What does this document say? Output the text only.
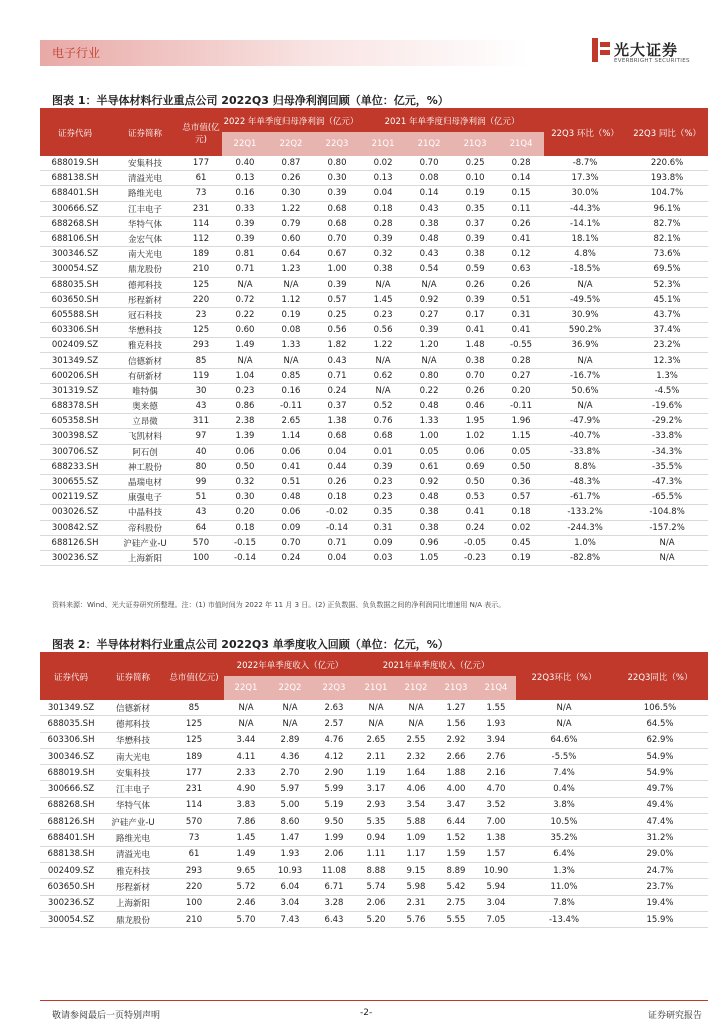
电子行业	光大证券
EVERBRIGHT SECURITIES
图表 1：半导体材料行业重点公司 2022Q3 归母净利润回顾（单位：亿元，%）
证券代码	证券简称	总市值(亿元)	2022 年单季度归母净利润（亿元）			2021 年单季度归母净利润（亿元）				22Q3 环比（%）	22Q3 同比（%）
			22Q1	22Q2	22Q3	21Q1	21Q2	21Q3	21Q4		
688019.SH	安集科技	177	0.40	0.87	0.80	0.02	0.70	0.25	0.28	-8.7%	220.6%
688138.SH	清溢光电	61	0.13	0.26	0.30	0.13	0.08	0.10	0.14	17.3%	193.8%
688401.SH	路维光电	73	0.16	0.30	0.39	0.04	0.14	0.19	0.15	30.0%	104.7%
300666.SZ	江丰电子	231	0.33	1.22	0.68	0.18	0.43	0.35	0.11	-44.3%	96.1%
688268.SH	华特气体	114	0.39	0.79	0.68	0.28	0.38	0.37	0.26	-14.1%	82.7%
688106.SH	金宏气体	112	0.39	0.60	0.70	0.39	0.48	0.39	0.41	18.1%	82.1%
300346.SZ	南大光电	189	0.81	0.64	0.67	0.32	0.43	0.38	0.12	4.8%	73.6%
300054.SZ	鼎龙股份	210	0.71	1.23	1.00	0.38	0.54	0.59	0.63	-18.5%	69.5%
688035.SH	德邦科技	125	N/A	N/A	0.39	N/A	N/A	0.26	0.26	N/A	52.3%
603650.SH	彤程新材	220	0.72	1.12	0.57	1.45	0.92	0.39	0.51	-49.5%	45.1%
605588.SH	冠石科技	23	0.22	0.19	0.25	0.23	0.27	0.17	0.31	30.9%	43.7%
603306.SH	华懋科技	125	0.60	0.08	0.56	0.56	0.39	0.41	0.41	590.2%	37.4%
002409.SZ	雅克科技	293	1.49	1.33	1.82	1.22	1.20	1.48	-0.55	36.9%	23.2%
301349.SZ	信德新材	85	N/A	N/A	0.43	N/A	N/A	0.38	0.28	N/A	12.3%
600206.SH	有研新材	119	1.04	0.85	0.71	0.62	0.80	0.70	0.27	-16.7%	1.3%
301319.SZ	唯特偶	30	0.23	0.16	0.24	N/A	0.22	0.26	0.20	50.6%	-4.5%
688378.SH	奥来德	43	0.86	-0.11	0.37	0.52	0.48	0.46	-0.11	N/A	-19.6%
605358.SH	立昂微	311	2.38	2.65	1.38	0.76	1.33	1.95	1.96	-47.9%	-29.2%
300398.SZ	飞凯材料	97	1.39	1.14	0.68	0.68	1.00	1.02	1.15	-40.7%	-33.8%
300706.SZ	阿石创	40	0.06	0.06	0.04	0.01	0.05	0.06	0.05	-33.8%	-34.3%
688233.SH	神工股份	80	0.50	0.41	0.44	0.39	0.61	0.69	0.50	8.8%	-35.5%
300655.SZ	晶瑞电材	99	0.32	0.51	0.26	0.23	0.92	0.50	0.36	-48.3%	-47.3%
002119.SZ	康强电子	51	0.30	0.48	0.18	0.23	0.48	0.53	0.57	-61.7%	-65.5%
003026.SZ	中晶科技	43	0.20	0.06	-0.02	0.35	0.38	0.41	0.18	-133.2%	-104.8%
300842.SZ	帝科股份	64	0.18	0.09	-0.14	0.31	0.38	0.24	0.02	-244.3%	-157.2%
688126.SH	沪硅产业-U	570	-0.15	0.70	0.71	0.09	0.96	-0.05	0.45	1.0%	N/A
300236.SZ	上海新阳	100	-0.14	0.24	0.04	0.03	1.05	-0.23	0.19	-82.8%	N/A
资料来源：Wind、光大证券研究所整理。注：(1) 市值时间为 2022 年 11 月 3 日。(2) 正负数据、负负数据之间的净利润同比增速用 N/A 表示。
图表 2：半导体材料行业重点公司 2022Q3 单季度收入回顾（单位：亿元，%）
证券代码	证券简称	总市值(亿元)	2022年单季度收入（亿元）			2021年单季度收入（亿元）				22Q3环比（%）	22Q3同比（%）
			22Q1	22Q2	22Q3	21Q1	21Q2	21Q3	21Q4		
301349.SZ	信德新材	85	N/A	N/A	2.63	N/A	N/A	1.27	1.55	N/A	106.5%
688035.SH	德邦科技	125	N/A	N/A	2.57	N/A	N/A	1.56	1.93	N/A	64.5%
603306.SH	华懋科技	125	3.44	2.89	4.76	2.65	2.55	2.92	3.94	64.6%	62.9%
300346.SZ	南大光电	189	4.11	4.36	4.12	2.11	2.32	2.66	2.76	-5.5%	54.9%
688019.SH	安集科技	177	2.33	2.70	2.90	1.19	1.64	1.88	2.16	7.4%	54.9%
300666.SZ	江丰电子	231	4.90	5.97	5.99	3.17	4.06	4.00	4.70	0.4%	49.7%
688268.SH	华特气体	114	3.83	5.00	5.19	2.93	3.54	3.47	3.52	3.8%	49.4%
688126.SH	沪硅产业-U	570	7.86	8.60	9.50	5.35	5.88	6.44	7.00	10.5%	47.4%
688401.SH	路维光电	73	1.45	1.47	1.99	0.94	1.09	1.52	1.38	35.2%	31.2%
688138.SH	清溢光电	61	1.49	1.93	2.06	1.11	1.17	1.59	1.57	6.4%	29.0%
002409.SZ	雅克科技	293	9.65	10.93	11.08	8.88	9.15	8.89	10.90	1.3%	24.7%
603650.SH	彤程新材	220	5.72	6.04	6.71	5.74	5.98	5.42	5.94	11.0%	23.7%
300236.SZ	上海新阳	100	2.46	3.04	3.28	2.06	2.31	2.75	3.04	7.8%	19.4%
300054.SZ	鼎龙股份	210	5.70	7.43	6.43	5.20	5.76	5.55	7.05	-13.4%	15.9%
敬请参阅最后一页特别声明	-2-	证券研究报告
